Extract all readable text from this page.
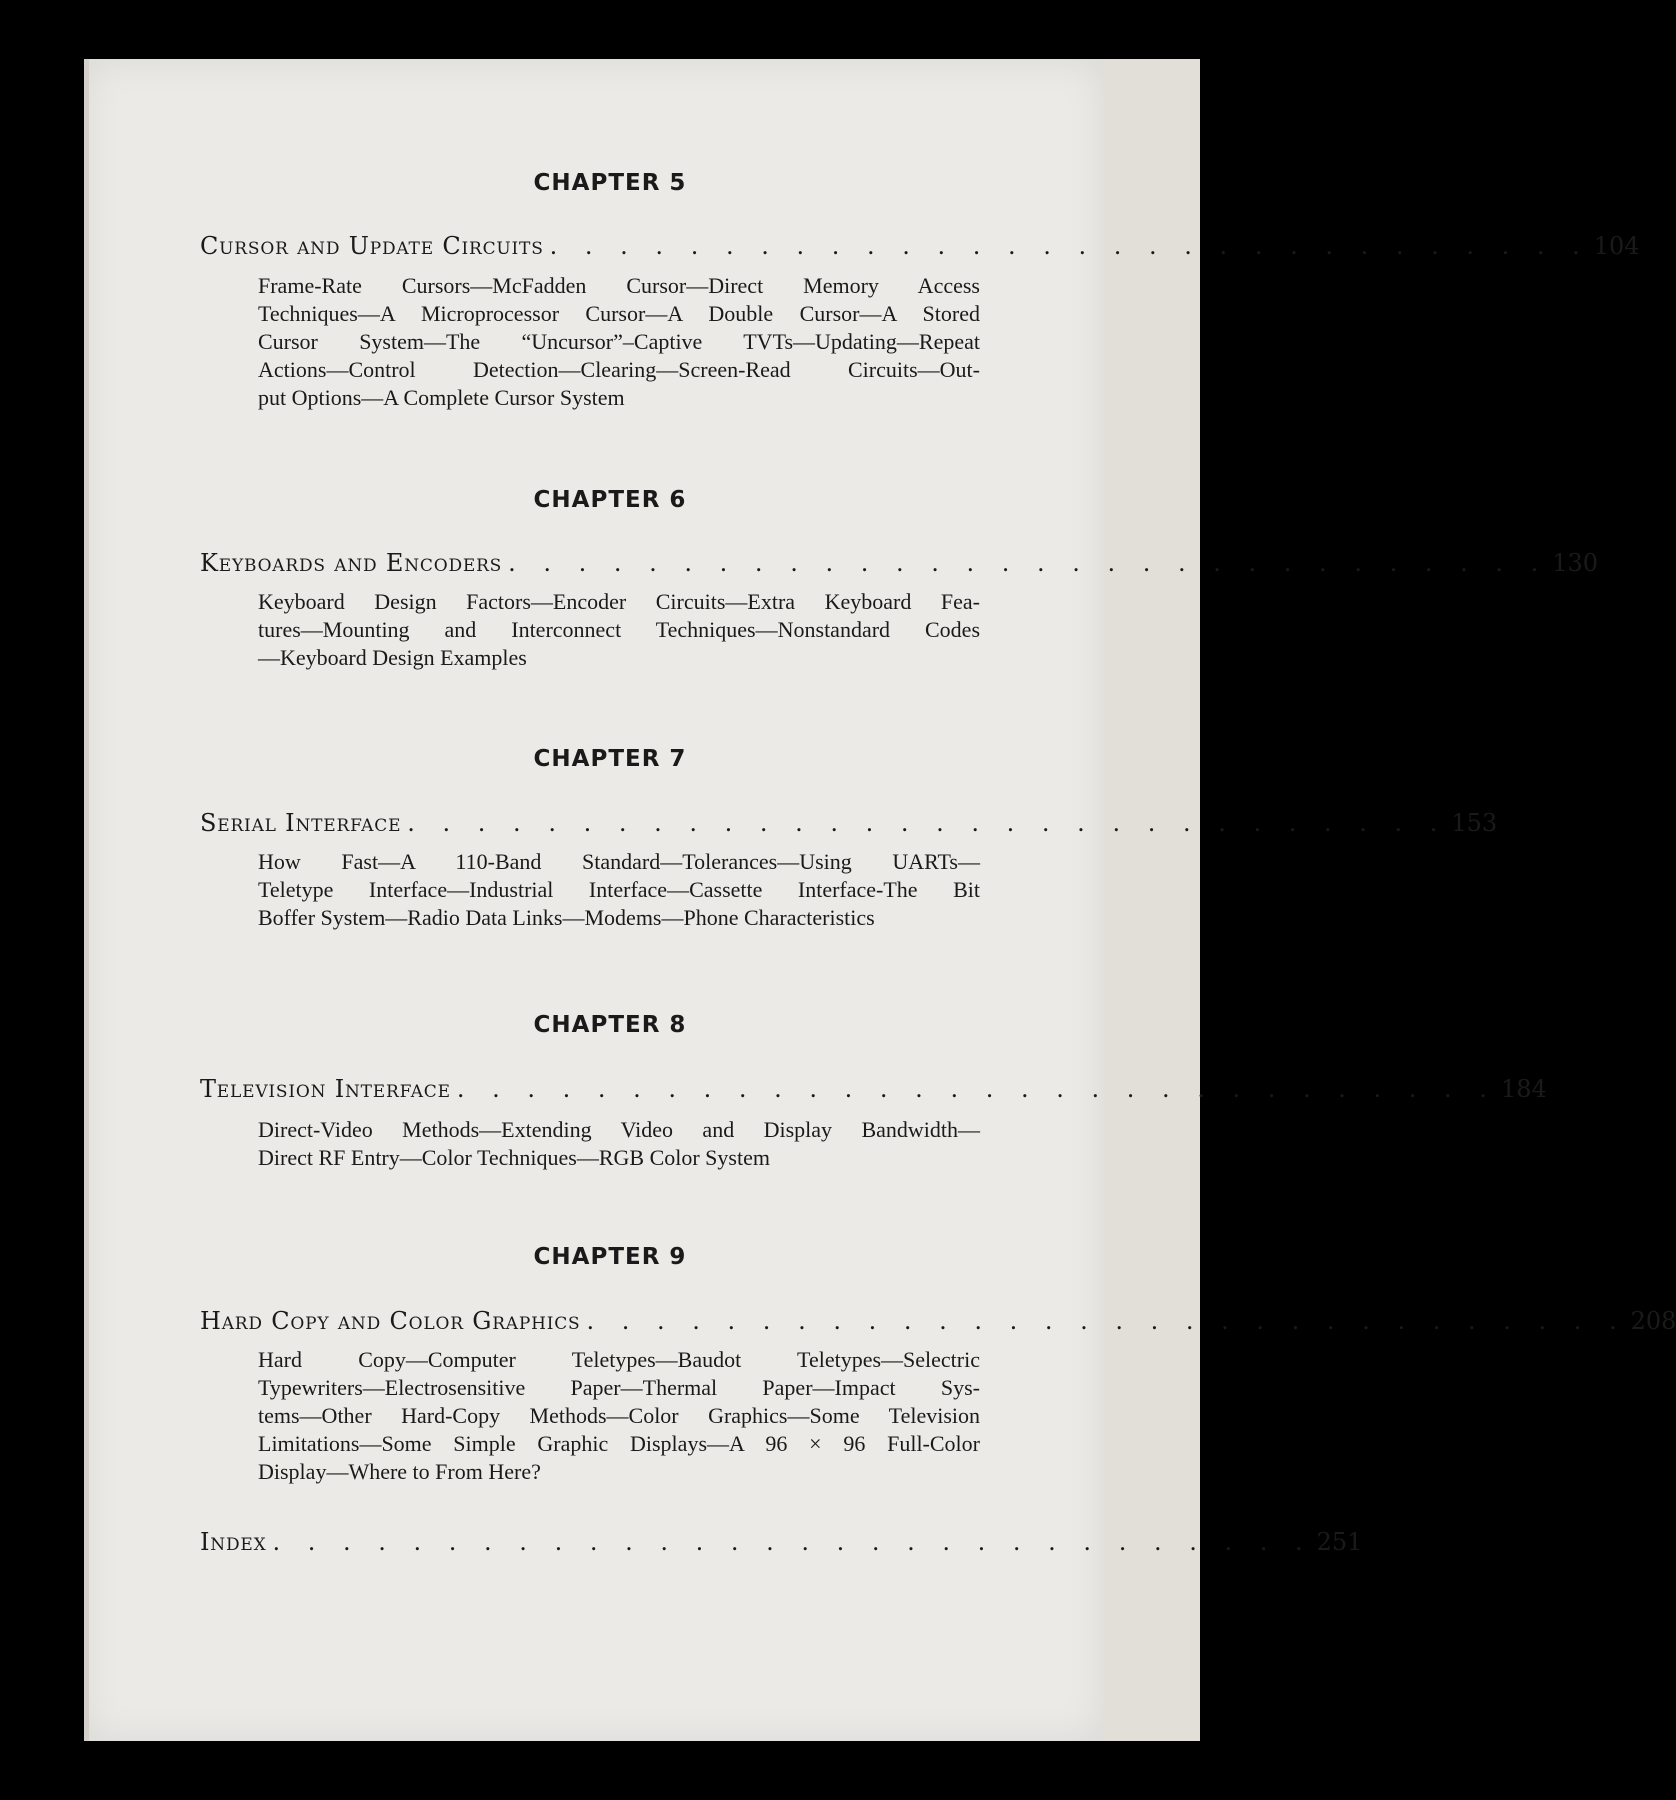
CHAPTER 5
Cursor and Update Circuits . . . . . . . . . . . . . . . . . . . . . . . . . . . . . . 104

Frame-Rate Cursors—McFadden Cursor—Direct Memory Access
Techniques—A Microprocessor Cursor—A Double Cursor—A Stored
Cursor System—The “Uncursor”–Captive TVTs—Updating—Repeat
Actions—Control Detection—Clearing—Screen-Read Circuits—Out-
put Options—A Complete Cursor System

CHAPTER 6
Keyboards and Encoders . . . . . . . . . . . . . . . . . . . . . . . . . . . . . . 130

Keyboard Design Factors—Encoder Circuits—Extra Keyboard Fea-
tures—Mounting and Interconnect Techniques—Nonstandard Codes
—Keyboard Design Examples

CHAPTER 7
Serial Interface . . . . . . . . . . . . . . . . . . . . . . . . . . . . . . 153

How Fast—A 110-Band Standard—Tolerances—Using UARTs—
Teletype Interface—Industrial Interface—Cassette Interface-The Bit
Boffer System—Radio Data Links—Modems—Phone Characteristics

CHAPTER 8
Television Interface . . . . . . . . . . . . . . . . . . . . . . . . . . . . . . 184

Direct-Video Methods—Extending Video and Display Bandwidth—
Direct RF Entry—Color Techniques—RGB Color System

CHAPTER 9
Hard Copy and Color Graphics . . . . . . . . . . . . . . . . . . . . . . . . . . . . . . 208

Hard Copy—Computer Teletypes—Baudot Teletypes—Selectric
Typewriters—Electrosensitive Paper—Thermal Paper—Impact Sys-
tems—Other Hard-Copy Methods—Color Graphics—Some Television
Limitations—Some Simple Graphic Displays—A 96 × 96 Full-Color
Display—Where to From Here?

Index . . . . . . . . . . . . . . . . . . . . . . . . . . . . . . 251
